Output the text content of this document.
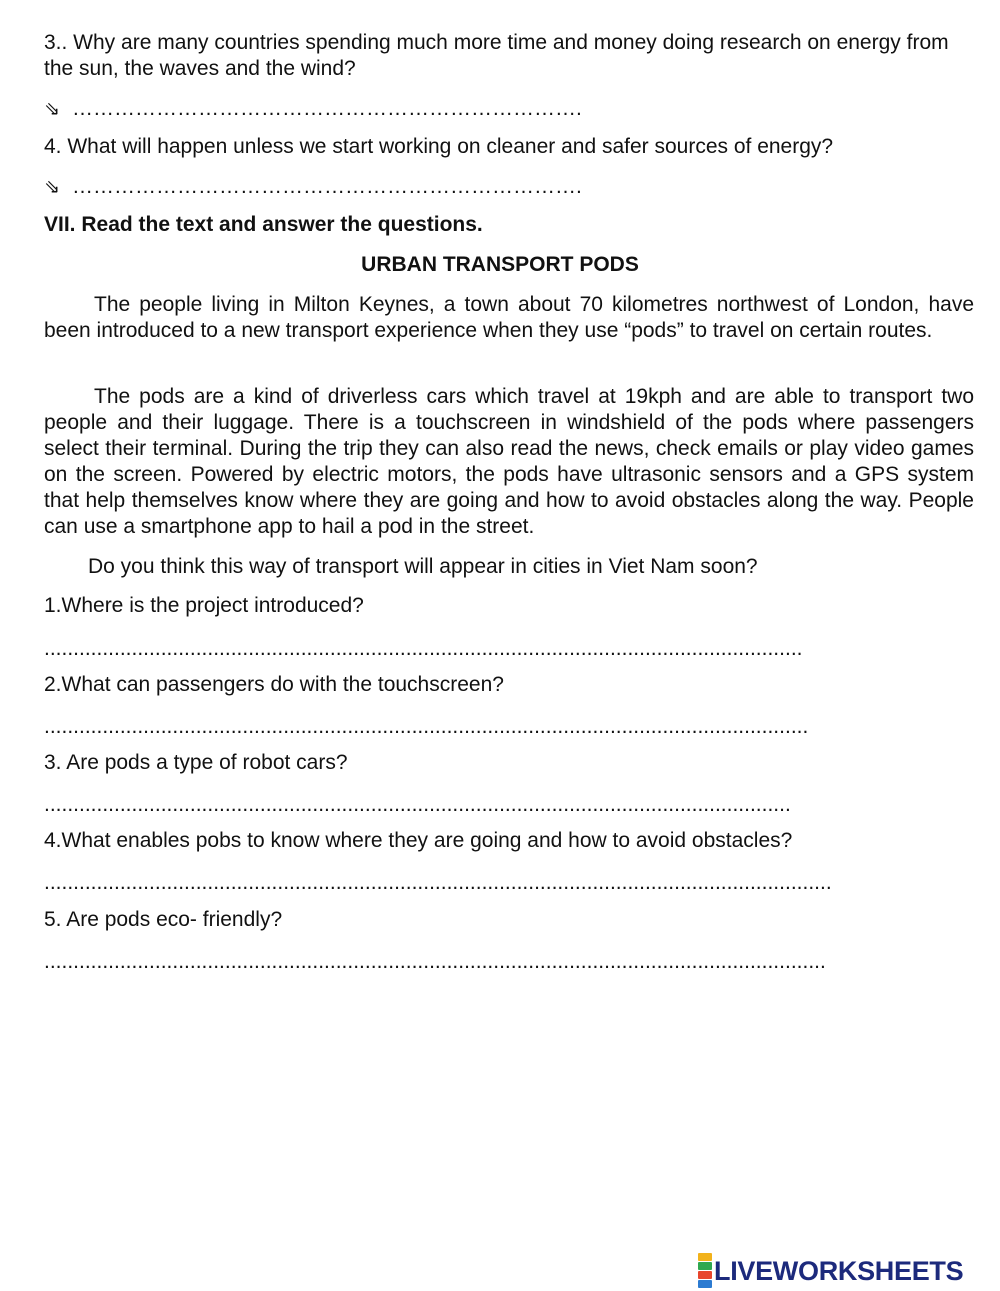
3.. Why are many countries spending much more time and money doing research on energy from the sun, the waves and the wind?
⇘ ……………………………………………………………….
4. What will happen unless we start working on cleaner and safer sources of energy?
⇘ ……………………………………………………………….
VII. Read the text and answer the questions.
URBAN TRANSPORT PODS
The people living in Milton Keynes, a town about 70 kilometres northwest of London, have been introduced to a new transport experience when they use “pods” to travel on certain routes.
The pods are a kind of driverless cars which travel at 19kph and are able to transport two people and their luggage. There is a touchscreen in windshield of the pods where passengers select their terminal. During the trip they can also read the news, check emails or play video games on the screen. Powered by electric motors, the pods have ultrasonic sensors and a GPS system that help themselves know where they are going and how to avoid obstacles along the way. People can use a smartphone app to hail a pod in the street.
Do you think this way of transport will appear in cities in Viet Nam soon?
1.Where is the project introduced?
..................................................................................................................................
2.What can passengers do with the touchscreen?
...................................................................................................................................
3. Are pods a type of robot cars?
................................................................................................................................
4.What enables pobs to know where they are going and how to avoid obstacles?
.......................................................................................................................................
5. Are pods eco- friendly?
......................................................................................................................................
LIVEWORKSHEETS
